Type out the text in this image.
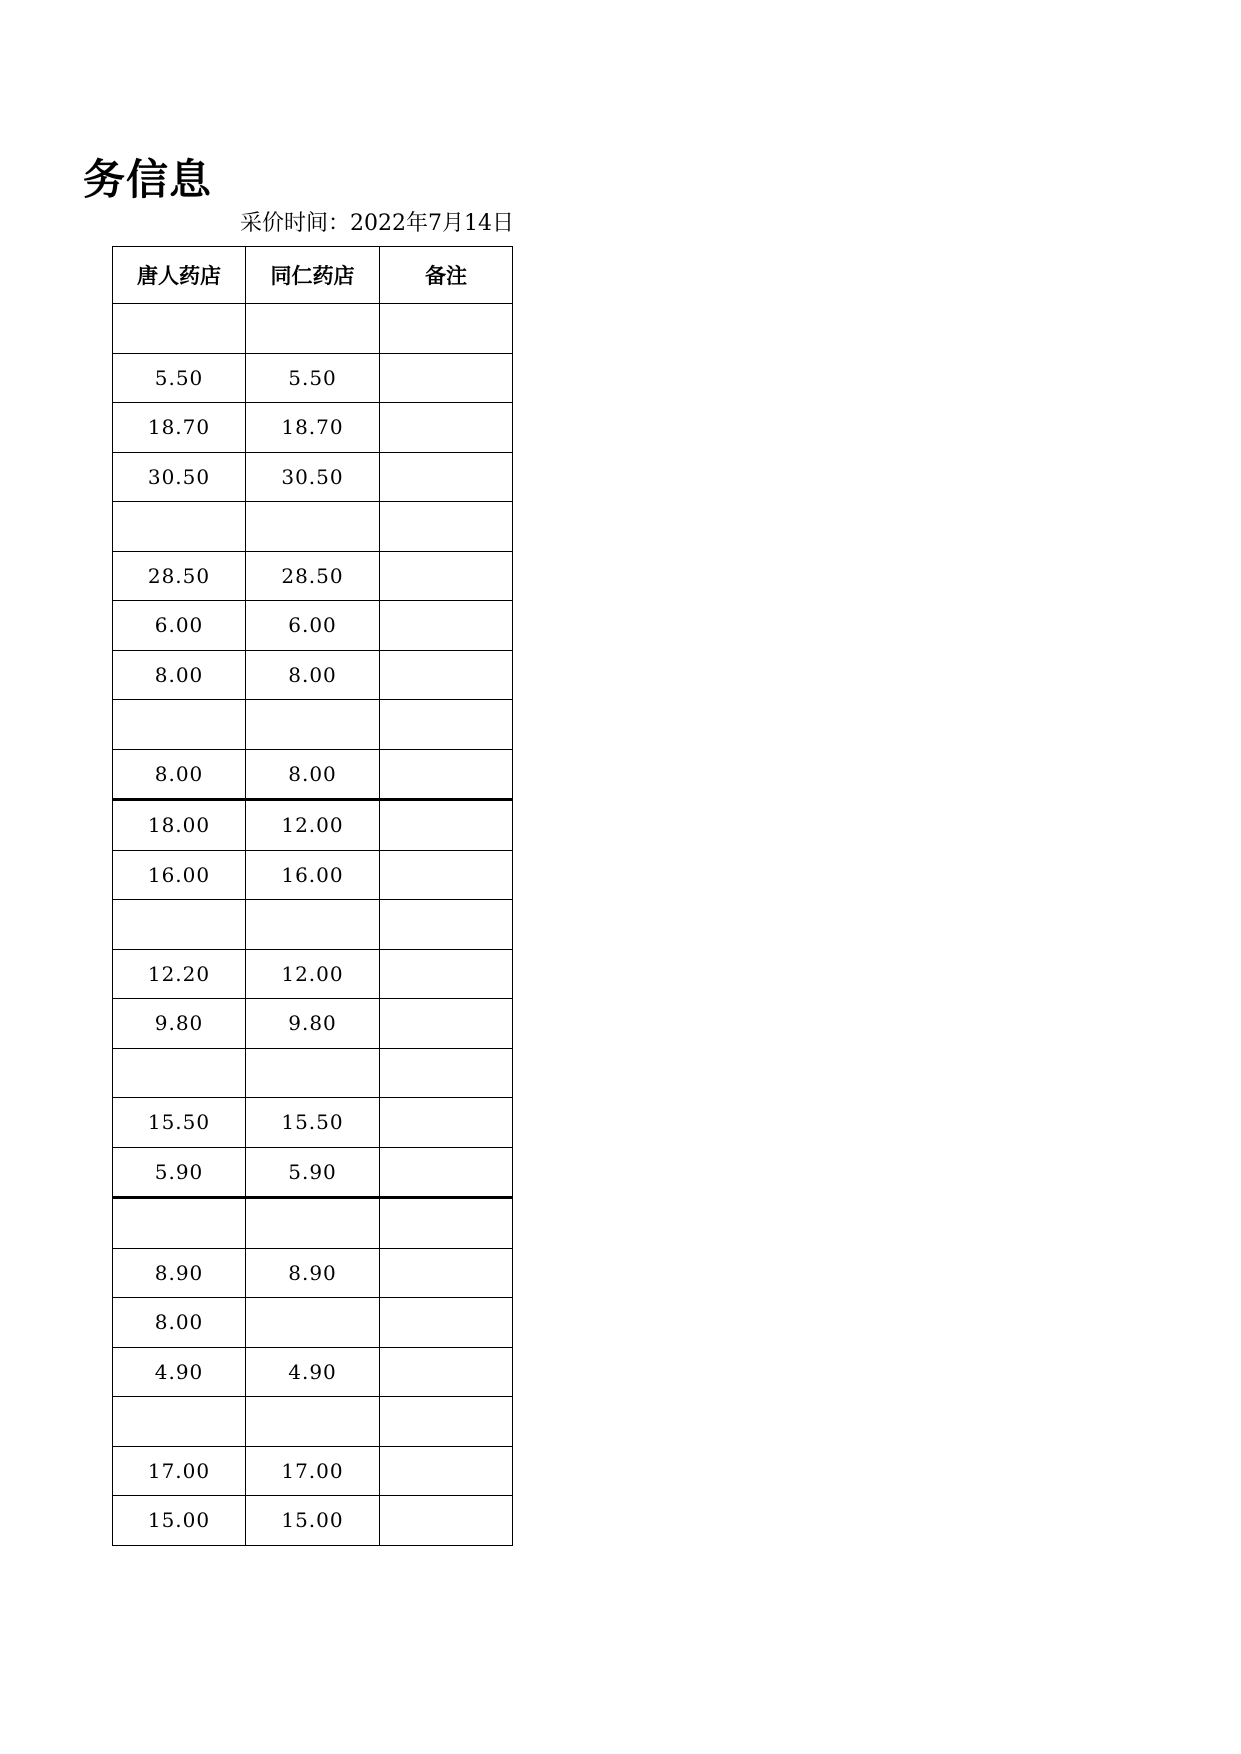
务信息
采价时间：2022年7月14日
唐人药店	同仁药店	备注

5.50	5.50	
18.70	18.70	
30.50	30.50	

28.50	28.50	
6.00	6.00	
8.00	8.00	

8.00	8.00	
18.00	12.00	
16.00	16.00	

12.20	12.00	
9.80	9.80	

15.50	15.50	
5.90	5.90	

8.90	8.90	
8.00		
4.90	4.90	

17.00	17.00	
15.00	15.00	
